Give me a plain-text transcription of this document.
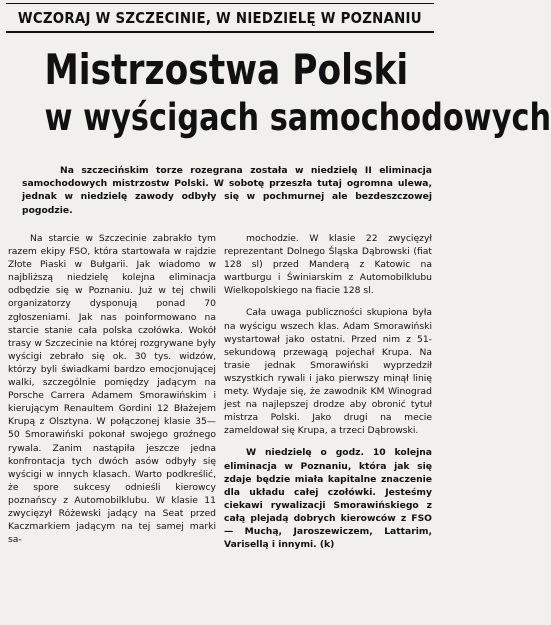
WCZORAJ W SZCZECINIE, W NIEDZIELĘ W POZNANIU
Mistrzostwa Polski
w wyścigach samochodowych
Na szczecińskim torze rozegrana została w niedzielę II eliminacja samochodowych mistrzostw Polski. W sobotę przeszła tutaj ogromna ulewa, jednak w niedzielę zawody odbyły się w pochmurnej ale bezdeszczowej pogodzie.

Na starcie w Szczecinie zabrakło tym razem ekipy FSO, która startowała w rajdzie Złote Piaski w Bułgarii. Jak wiadomo w najbliższą niedzielę kolejna eliminacja odbędzie się w Poznaniu. Już w tej chwili organizatorzy dysponują ponad 70 zgłoszeniami. Jak nas poinformowano na starcie stanie cała polska czołówka. Wokół trasy w Szczecinie na której rozgrywane były wyścigi zebrało się ok. 30 tys. widzów, którzy byli świadkami bardzo emocjonującej walki, szczególnie pomiędzy jadącym na Porsche Carrera Adamem Smorawińskim i kierującym Renaultem Gordini 12 Błażejem Krupą z Olsztyna. W połączonej klasie 35—50 Smorawiński pokonał swojego groźnego rywala. Zanim nastąpiła jeszcze jedna konfrontacja tych dwóch asów odbyły się wyścigi w innych klasach. Warto podkreślić, że spore sukcesy odnieśli kierowcy poznańscy z Automobilklubu. W klasie 11 zwycięzył Różewski jadący na Seat przed Kaczmarkiem jadącym na tej samej marki sa-

mochodzie. W klasie 22 zwycięzył reprezentant Dolnego Śląska Dąbrowski (fiat 128 sl) przed Manderą z Katowic na wartburgu i Świniarskim z Automobilklubu Wielkopolskiego na fiacie 128 sl.

Cała uwaga publiczności skupiona była na wyścigu wszech klas. Adam Smorawiński wystartował jako ostatni. Przed nim z 51-sekundową przewagą pojechał Krupa. Na trasie jednak Smorawiński wyprzedził wszystkich rywali i jako pierwszy minął linię mety. Wydaje się, że zawodnik KM Winograd jest na najlepszej drodze aby obronić tytuł mistrza Polski. Jako drugi na mecie zameldował się Krupa, a trzeci Dąbrowski.

W niedzielę o godz. 10 kolejna eliminacja w Poznaniu, która jak się zdaje będzie miała kapitalne znaczenie dla układu całej czołówki. Jesteśmy ciekawi rywalizacji Smorawińskiego z całą plejadą dobrych kierowców z FSO — Muchą, Jaroszewiczem, Lattarim, Varisellą i innymi. (k)
